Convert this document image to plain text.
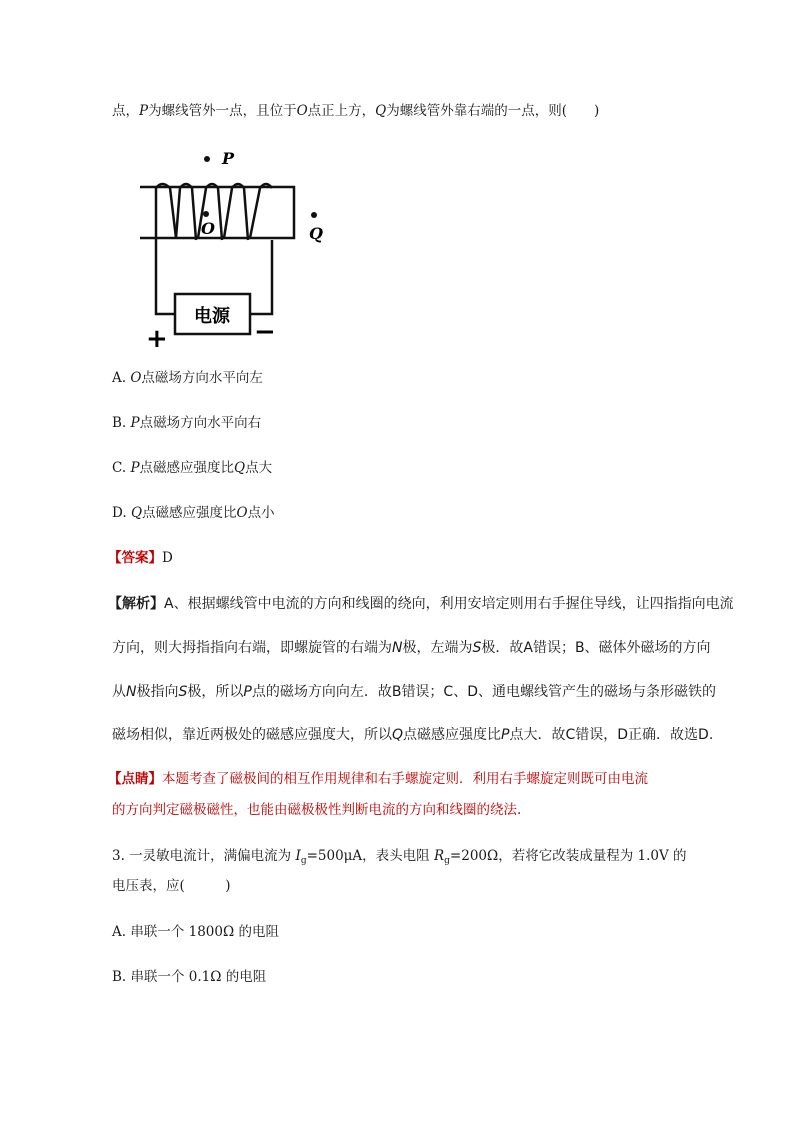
点，P为螺线管外一点，且位于O点正上方，Q为螺线管外靠右端的一点，则(　　)
P
O	Q
电源
+	−
A. O点磁场方向水平向左
B. P点磁场方向水平向右
C. P点磁感应强度比Q点大
D. Q点磁感应强度比O点小
【答案】D
【解析】A、根据螺线管中电流的方向和线圈的绕向，利用安培定则用右手握住导线，让四指指向电流
方向，则大拇指指向右端，即螺旋管的右端为N极，左端为S极．故A错误；B、磁体外磁场的方向
从N极指向S极，所以P点的磁场方向向左．故B错误；C、D、通电螺线管产生的磁场与条形磁铁的
磁场相似，靠近两极处的磁感应强度大，所以Q点磁感应强度比P点大．故C错误，D正确．故选D.
【点睛】本题考查了磁极间的相互作用规律和右手螺旋定则．利用右手螺旋定则既可由电流
的方向判定磁极磁性，也能由磁极极性判断电流的方向和线圈的绕法.
3. 一灵敏电流计，满偏电流为 $I_g=500\mu A$，表头电阻 $R_g=200\Omega$，若将它改装成量程为 1.0V 的
电压表，应(　　　)
A. 串联一个 1800Ω 的电阻
B. 串联一个 0.1Ω 的电阻
